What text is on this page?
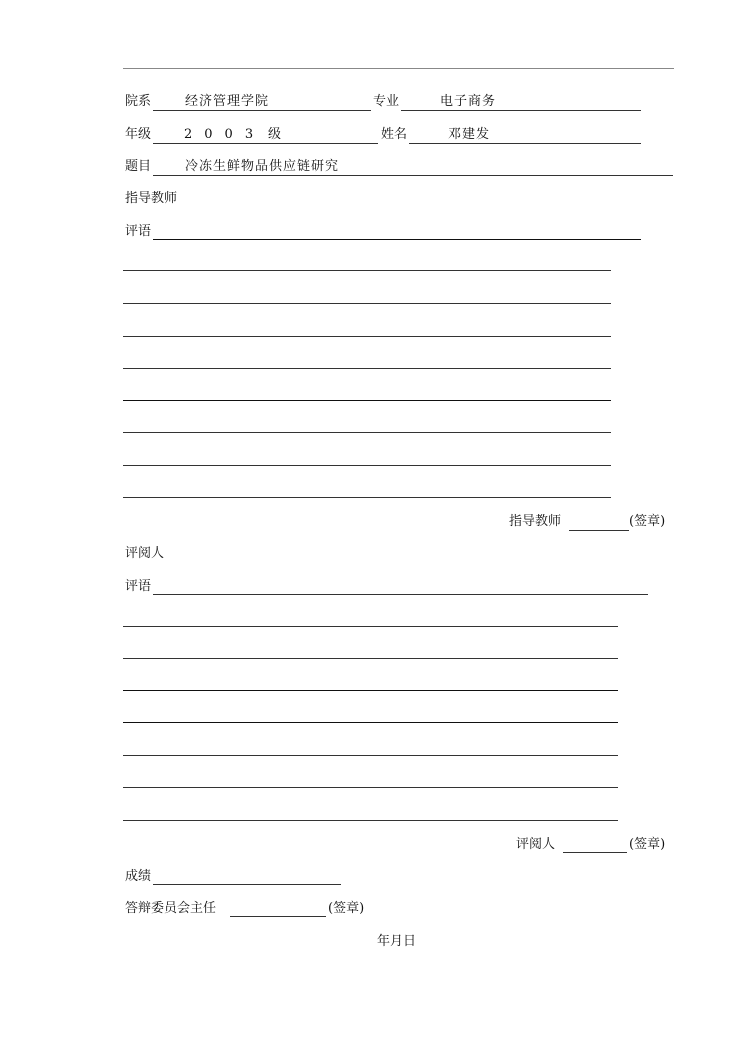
院系	经济管理学院	专业	电子商务
年级	2003 级	姓名	邓建发
题目	冷冻生鲜物品供应链研究
指导教师
评语
指导教师	(签章)
评阅人
评语
评阅人	(签章)
成绩
答辩委员会主任	(签章)
年月日
